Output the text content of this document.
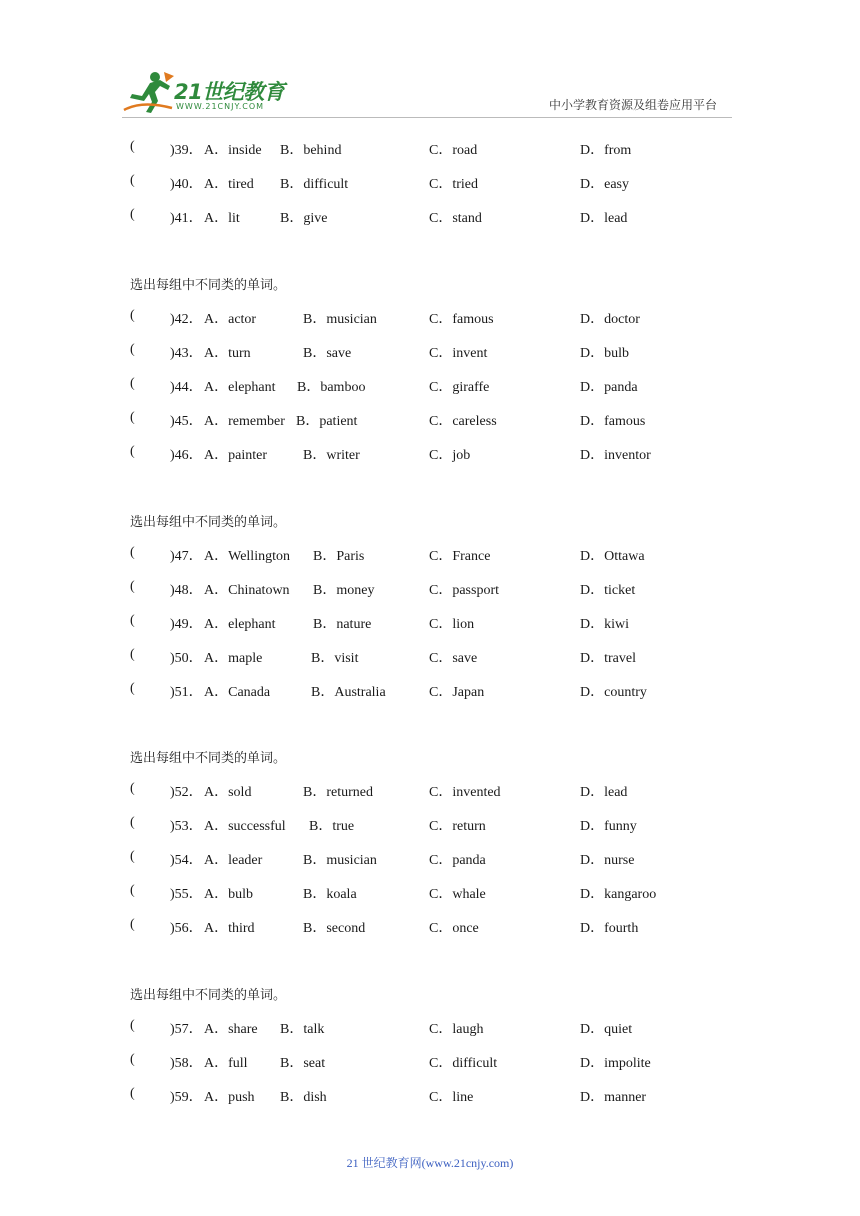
21世纪教育
WWW.21CNJY.COM	中小学教育资源及组卷应用平台
(	)39． A．inside B．behind	C．road	D．from
(	)40． A．tired B．difficult	C．tried	D．easy
(	)41． A．lit	B．give	C．stand	D．lead
选出每组中不同类的单词。
(	)42． A．actor	B．musician	C．famous	D．doctor
(	)43． A．turn	B．save	C．invent	D．bulb
(	)44． A．elephant B．bamboo	C．giraffe	D．panda
(	)45． A．remember B．patient	C．careless	D．famous
(	)46． A．painter	B．writer	C．job	D．inventor
选出每组中不同类的单词。
(	)47． A．Wellington B．Paris	C．France	D．Ottawa
(	)48． A．Chinatown B．money	C．passport	D．ticket
(	)49． A．elephant	B．nature	C．lion	D．kiwi
(	)50． A．maple	B．visit	C．save	D．travel
(	)51． A．Canada	B．Australia	C．Japan	D．country
选出每组中不同类的单词。
(	)52． A．sold	B．returned	C．invented	D．lead
(	)53． A．successful B．true	C．return	D．funny
(	)54． A．leader	B．musician	C．panda	D．nurse
(	)55． A．bulb	B．koala	C．whale	D．kangaroo
(	)56． A．third	B．second	C．once	D．fourth
选出每组中不同类的单词。
(	)57． A．share B．talk	C．laugh	D．quiet
(	)58． A．full B．seat	C．difficult	D．impolite
(	)59． A．push B．dish	C．line	D．manner
21 世纪教育网(www.21cnjy.com)
